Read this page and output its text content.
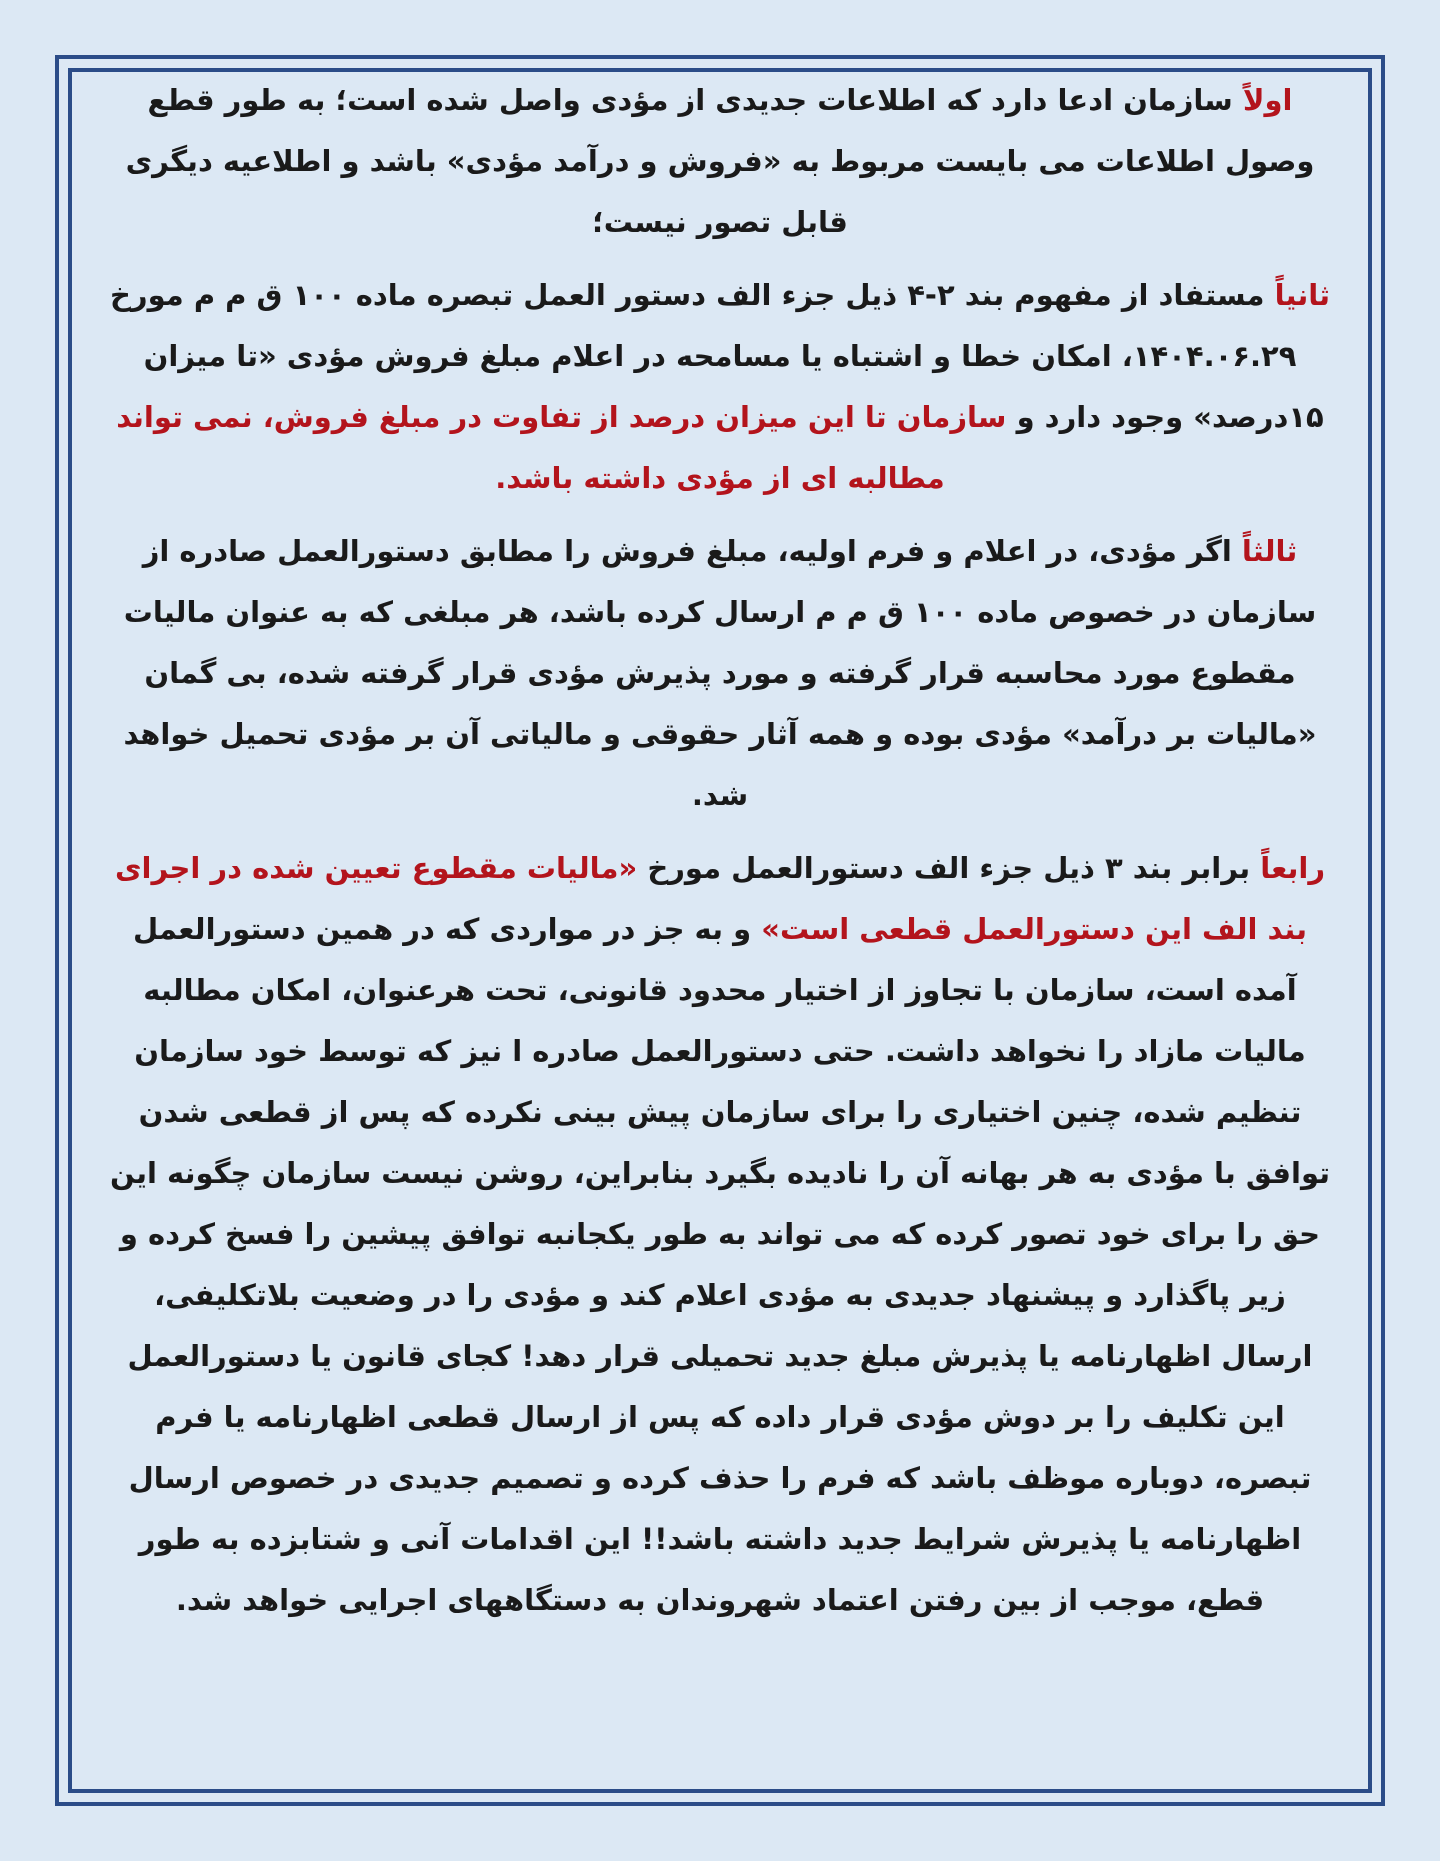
اولاً سازمان ادعا دارد که اطلاعات جدیدی از مؤدی واصل شده است؛ به طور قطع وصول اطلاعات می بایست مربوط به «فروش و درآمد مؤدی» باشد و اطلاعیه دیگری قابل تصور نیست؛

ثانیاً مستفاد از مفهوم بند ۲-۴ ذیل جزء الف دستور العمل تبصره ماده ۱۰۰ ق م م مورخ ۱۴۰۴.۰۶.۲۹، امکان خطا و اشتباه یا مسامحه در اعلام مبلغ فروش مؤدی «تا میزان ۱۵درصد» وجود دارد و سازمان تا این میزان درصد از تفاوت در مبلغ فروش، نمی تواند مطالبه ای از مؤدی داشته باشد.

ثالثاً اگر مؤدی، در اعلام و فرم اولیه، مبلغ فروش را مطابق دستورالعمل صادره از سازمان در خصوص ماده ۱۰۰ ق م م ارسال کرده باشد، هر مبلغی که به عنوان مالیات مقطوع مورد محاسبه قرار گرفته و مورد پذیرش مؤدی قرار گرفته شده، بی گمان «مالیات بر درآمد» مؤدی بوده و همه آثار حقوقی و مالیاتی آن بر مؤدی تحمیل خواهد شد.

رابعاً برابر بند ۳ ذیل جزء الف دستورالعمل مورخ «مالیات مقطوع تعیین شده در اجرای بند الف این دستورالعمل قطعی است» و به جز در مواردی که در همین دستورالعمل آمده است، سازمان با تجاوز از اختیار محدود قانونی، تحت هرعنوان، امکان مطالبه مالیات مازاد را نخواهد داشت. حتی دستورالعمل صادره ا نیز که توسط خود سازمان تنظیم شده، چنین اختیاری را برای سازمان پیش بینی نکرده که پس از قطعی شدن توافق با مؤدی به هر بهانه آن را نادیده بگیرد بنابراین، روشن نیست سازمان چگونه این حق را برای خود تصور کرده که می تواند به طور یکجانبه توافق پیشین را فسخ کرده و زیر پاگذارد و پیشنهاد جدیدی به مؤدی اعلام کند و مؤدی را در وضعیت بلاتکلیفی، ارسال اظهارنامه یا پذیرش مبلغ جدید تحمیلی قرار دهد! کجای قانون یا دستورالعمل این تکلیف را بر دوش مؤدی قرار داده که پس از ارسال قطعی اظهارنامه یا فرم تبصره، دوباره موظف باشد که فرم را حذف کرده و تصمیم جدیدی در خصوص ارسال اظهارنامه یا پذیرش شرایط جدید داشته باشد!! این اقدامات آنی و شتابزده به طور قطع، موجب از بین رفتن اعتماد شهروندان به دستگاههای اجرایی خواهد شد.
